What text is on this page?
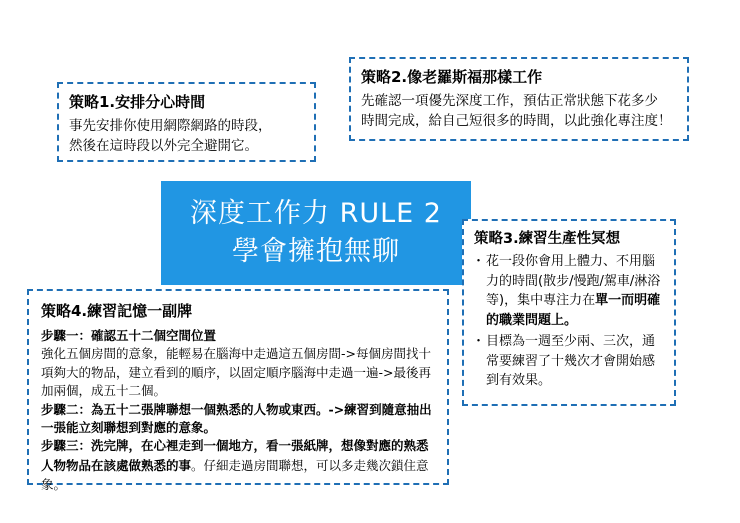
策略1.安排分心時間

事先安排你使用網際網路的時段，

然後在這時段以外完全避開它。

策略2.像老羅斯福那樣工作

先確認一項優先深度工作，預估正常狀態下花多少

時間完成，給自己短很多的時間，以此強化專注度！

深度工作力 RULE 2
學會擁抱無聊	策略3.練習生產性冥想
・ 花一段你會用上體力、不用腦力的時間(散步/慢跑/駕車/淋浴等)，集中專注力在單一而明確的職業問題上。
・ 目標為一週至少兩、三次，通常要練習了十幾次才會開始感到有效果。
策略4.練習記憶一副牌
步驟一：確認五十二個空間位置
強化五個房間的意象，能輕易在腦海中走過這五個房間->每個房間找十項夠大的物品，建立看到的順序，以固定順序腦海中走過一遍->最後再加兩個，成五十二個。
步驟二：為五十二張牌聯想一個熟悉的人物或東西。->練習到隨意抽出一張能立刻聯想到對應的意象。
步驟三：洗完牌，在心裡走到一個地方，看一張紙牌，想像對應的熟悉人物物品在該處做熟悉的事。仔細走過房間聯想，可以多走幾次鎖住意象。
